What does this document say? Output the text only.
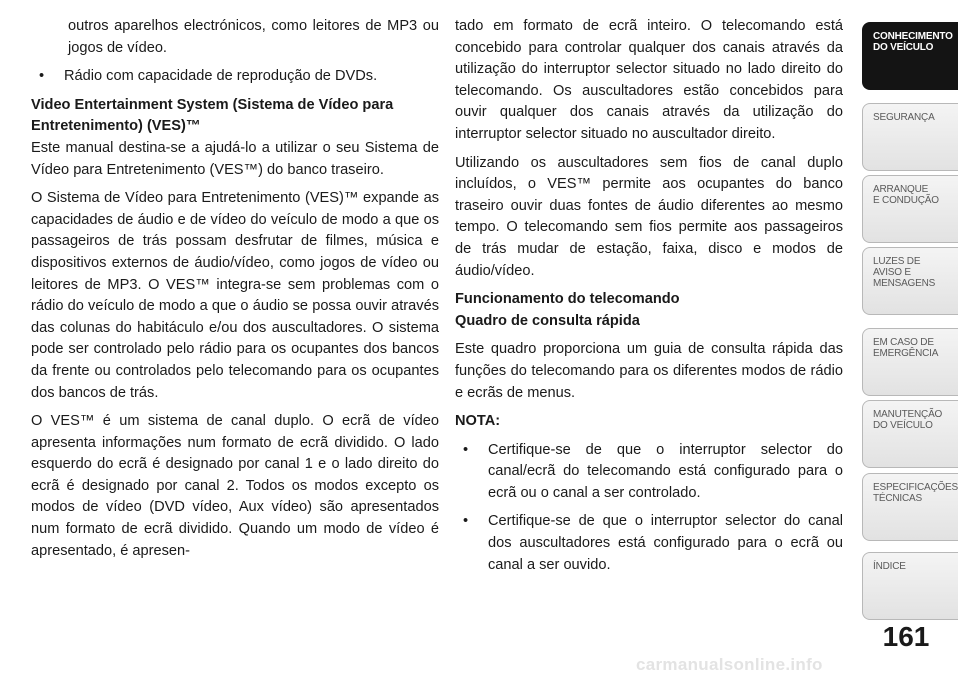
outros aparelhos electrónicos, como leitores de MP3 ou jogos de vídeo.

• Rádio com capacidade de reprodução de DVDs.

Video Entertainment System (Sistema de Vídeo para Entretenimento) (VES)™

Este manual destina-se a ajudá-lo a utilizar o seu Sistema de Vídeo para Entretenimento (VES™) do banco traseiro.

O Sistema de Vídeo para Entretenimento (VES)™ expande as capacidades de áudio e de vídeo do veículo de modo a que os passageiros de trás possam desfrutar de filmes, música e dispositivos externos de áudio/vídeo, como jogos de vídeo ou leitores de MP3. O VES™ integra-se sem problemas com o rádio do veículo de modo a que o áudio se possa ouvir através das colunas do habitáculo e/ou dos auscultadores. O sistema pode ser controlado pelo rádio para os ocupantes dos bancos da frente ou controlados pelo telecomando para os ocupantes dos bancos de trás.

O VES™ é um sistema de canal duplo. O ecrã de vídeo apresenta informações num formato de ecrã dividido. O lado esquerdo do ecrã é designado por canal 1 e o lado direito do ecrã é designado por canal 2. Todos os modos excepto os modos de vídeo (DVD vídeo, Aux vídeo) são apresentados num formato de ecrã dividido. Quando um modo de vídeo é apresentado, é apresen-

tado em formato de ecrã inteiro. O telecomando está concebido para controlar qualquer dos canais através da utilização do interruptor selector situado no lado direito do telecomando. Os auscultadores estão concebidos para ouvir qualquer dos canais através da utilização do interruptor selector situado no auscultador direito.

Utilizando os auscultadores sem fios de canal duplo incluídos, o VES™ permite aos ocupantes do banco traseiro ouvir duas fontes de áudio diferentes ao mesmo tempo. O telecomando sem fios permite aos passageiros de trás mudar de estação, faixa, disco e modos de áudio/vídeo.

Funcionamento do telecomando

Quadro de consulta rápida

Este quadro proporciona um guia de consulta rápida das funções do telecomando para os diferentes modos de rádio e ecrãs de menus.

NOTA:

• Certifique-se de que o interruptor selector do canal/ecrã do telecomando está configurado para o ecrã ou o canal a ser controlado.
• Certifique-se de que o interruptor selector do canal dos auscultadores está configurado para o ecrã ou canal a ser ouvido.
CONHECIMENTO
DO VEÍCULO
SEGURANÇA
ARRANQUE
E CONDUÇÃO
LUZES DE
AVISO E
MENSAGENS
EM CASO DE
EMERGÊNCIA
MANUTENÇÃO
DO VEÍCULO
ESPECIFICAÇÕES
TÉCNICAS
ÍNDICE
161
carmanualsonline.info
